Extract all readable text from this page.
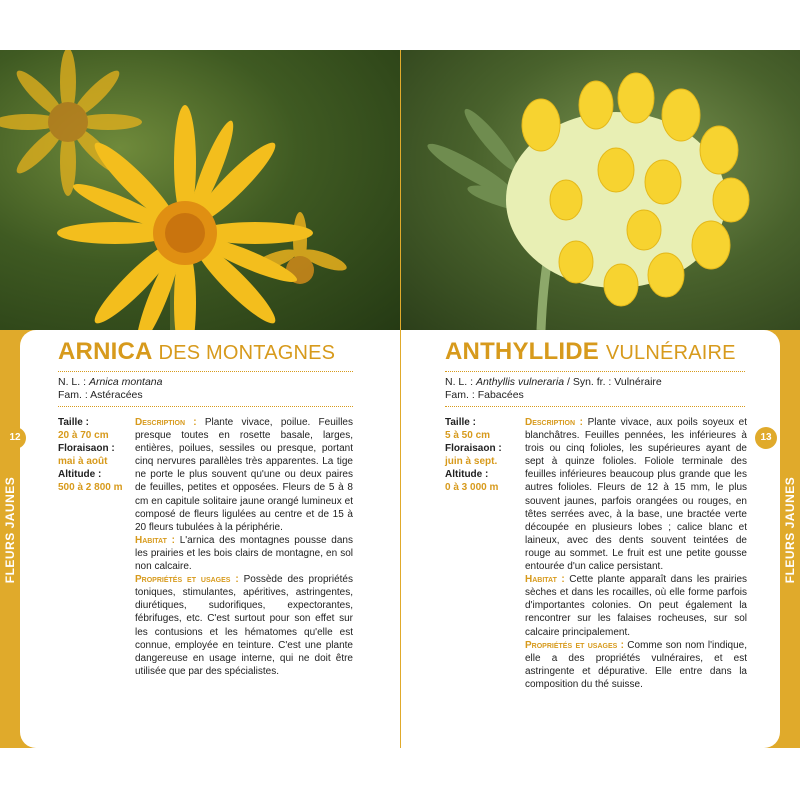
FLEURS JAUNES
ARNICA DES MONTAGNES
N. L. : Arnica montana
Fam. : Astéracées
Taille :
20 à 70 cm
Floraisaon :
mai à août
Altitude :
500 à 2 800 m
Description : Plante vivace, poilue. Feuilles presque toutes en rosette basale, larges, entières, poilues, sessiles ou presque, portant cinq nervures parallèles très apparentes. La tige ne porte le plus souvent qu'une ou deux paires de feuilles, petites et opposées. Fleurs de 5 à 8 cm en capitule solitaire jaune orangé lumineux et composé de fleurs ligulées au centre et de 15 à 20 fleurs tubulées à la périphérie.
Habitat : L'arnica des montagnes pousse dans les prairies et les bois clairs de montagne, en sol non calcaire.
Propriétés et usages : Possède des propriétés toniques, stimulantes, apéritives, astringentes, diurétiques, sudorifiques, expectorantes, fébrifuges, etc. C'est surtout pour son effet sur les contusions et les hématomes qu'elle est connue, employée en teinture. C'est une plante dangereuse en usage interne, qui ne doit être utilisée que par des spécialistes.
12
FLEURS JAUNES
ANTHYLLIDE VULNÉRAIRE
N. L. : Anthyllis vulneraria / Syn. fr. : Vulnéraire
Fam. : Fabacées
Taille :
5 à 50 cm
Floraisaon :
juin à sept.
Altitude :
0 à 3 000 m
Description : Plante vivace, aux poils soyeux et blanchâtres. Feuilles pennées, les inférieures à trois ou cinq folioles, les supérieures ayant de sept à quinze folioles. Foliole terminale des feuilles inférieures beaucoup plus grande que les autres folioles. Fleurs de 12 à 15 mm, le plus souvent jaunes, parfois orangées ou rouges, en têtes serrées avec, à la base, une bractée verte découpée en plusieurs lobes ; calice blanc et laineux, avec des dents souvent teintées de rouge au sommet. Le fruit est une petite gousse entourée d'un calice persistant.
Habitat : Cette plante apparaît dans les prairies sèches et dans les rocailles, où elle forme parfois d'importantes colonies. On peut également la rencontrer sur les falaises rocheuses, sur sol calcaire principalement.
Propriétés et usages : Comme son nom l'indique, elle a des propriétés vulnéraires, et est astringente et dépurative. Elle entre dans la composition du thé suisse.
13
